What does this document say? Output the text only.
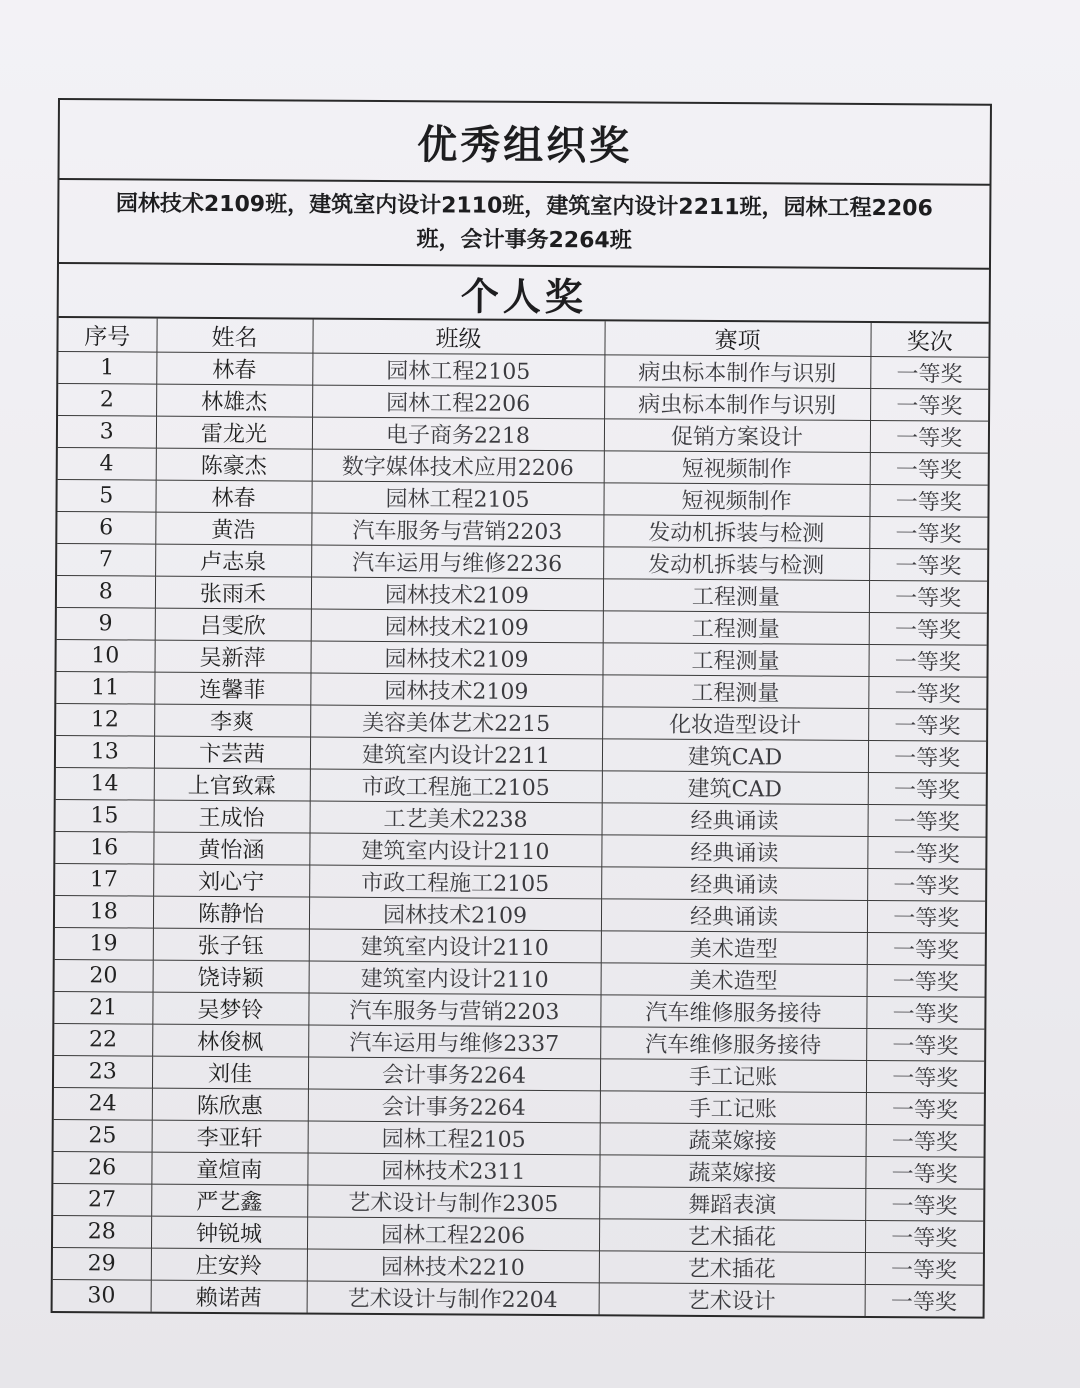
优秀组织奖
园林技术2109班，建筑室内设计2110班，建筑室内设计2211班，园林工程2206班，会计事务2264班
个人奖
序号	姓名	班级	赛项	奖次
1	林春	园林工程2105	病虫标本制作与识别	一等奖
2	林雄杰	园林工程2206	病虫标本制作与识别	一等奖
3	雷龙光	电子商务2218	促销方案设计	一等奖
4	陈豪杰	数字媒体技术应用2206	短视频制作	一等奖
5	林春	园林工程2105	短视频制作	一等奖
6	黄浩	汽车服务与营销2203	发动机拆装与检测	一等奖
7	卢志泉	汽车运用与维修2236	发动机拆装与检测	一等奖
8	张雨禾	园林技术2109	工程测量	一等奖
9	吕雯欣	园林技术2109	工程测量	一等奖
10	吴新萍	园林技术2109	工程测量	一等奖
11	连馨菲	园林技术2109	工程测量	一等奖
12	李爽	美容美体艺术2215	化妆造型设计	一等奖
13	卞芸茜	建筑室内设计2211	建筑CAD	一等奖
14	上官致霖	市政工程施工2105	建筑CAD	一等奖
15	王成怡	工艺美术2238	经典诵读	一等奖
16	黄怡涵	建筑室内设计2110	经典诵读	一等奖
17	刘心宁	市政工程施工2105	经典诵读	一等奖
18	陈静怡	园林技术2109	经典诵读	一等奖
19	张子钰	建筑室内设计2110	美术造型	一等奖
20	饶诗颖	建筑室内设计2110	美术造型	一等奖
21	吴梦铃	汽车服务与营销2203	汽车维修服务接待	一等奖
22	林俊枫	汽车运用与维修2337	汽车维修服务接待	一等奖
23	刘佳	会计事务2264	手工记账	一等奖
24	陈欣惠	会计事务2264	手工记账	一等奖
25	李亚轩	园林工程2105	蔬菜嫁接	一等奖
26	童煊南	园林技术2311	蔬菜嫁接	一等奖
27	严艺鑫	艺术设计与制作2305	舞蹈表演	一等奖
28	钟锐城	园林工程2206	艺术插花	一等奖
29	庄安羚	园林技术2210	艺术插花	一等奖
30	赖诺茜	艺术设计与制作2204	艺术设计	一等奖
